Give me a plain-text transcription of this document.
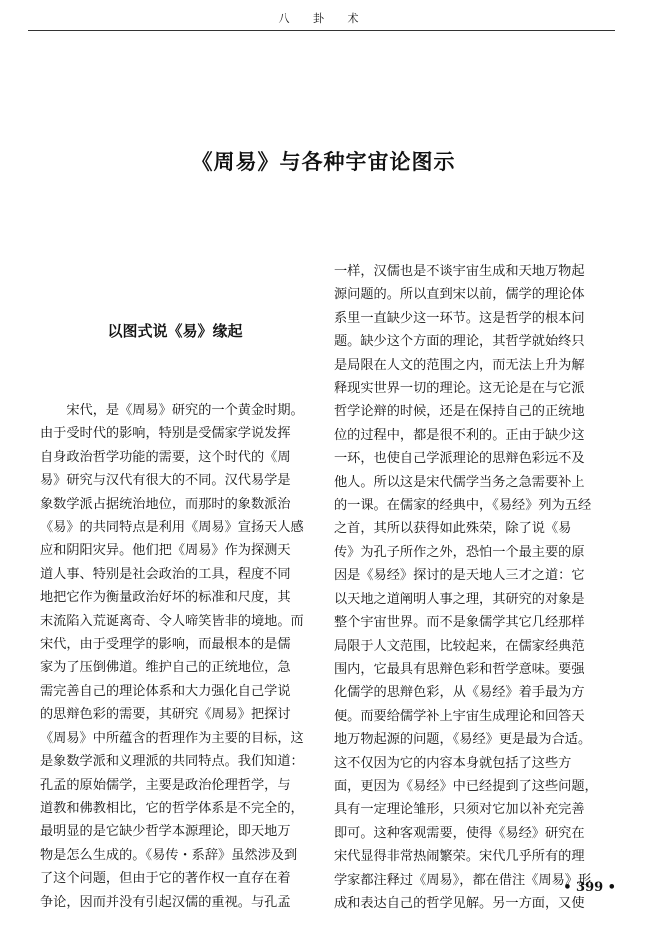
八 卦 术
《周易》与各种宇宙论图示
以图式说《易》缘起
　　宋代，是《周易》研究的一个黄金时期。
由于受时代的影响，特别是受儒家学说发挥
自身政治哲学功能的需要，这个时代的《周
易》研究与汉代有很大的不同。汉代易学是
象数学派占据统治地位，而那时的象数派治
《易》的共同特点是利用《周易》宣扬天人感
应和阴阳灾异。他们把《周易》作为探测天
道人事、特别是社会政治的工具，程度不同
地把它作为衡量政治好坏的标准和尺度，其
末流陷入荒诞离奇、令人啼笑皆非的境地。而
宋代，由于受理学的影响，而最根本的是儒
家为了压倒佛道。维护自己的正统地位，急
需完善自己的理论体系和大力强化自己学说
的思辩色彩的需要，其研究《周易》把探讨
《周易》中所蕴含的哲理作为主要的目标，这
是象数学派和义理派的共同特点。我们知道：
孔孟的原始儒学，主要是政治伦理哲学，与
道教和佛教相比，它的哲学体系是不完全的，
最明显的是它缺少哲学本源理论，即天地万
物是怎么生成的。《易传・系辞》虽然涉及到
了这个问题，但由于它的著作权一直存在着
争论，因而并没有引起汉儒的重视。与孔孟
一样，汉儒也是不谈宇宙生成和天地万物起
源问题的。所以直到宋以前，儒学的理论体
系里一直缺少这一环节。这是哲学的根本问
题。缺少这个方面的理论，其哲学就始终只
是局限在人文的范围之内，而无法上升为解
释现实世界一切的理论。这无论是在与它派
哲学论辩的时候，还是在保持自己的正统地
位的过程中，都是很不利的。正由于缺少这
一环，也使自己学派理论的思辩色彩远不及
他人。所以这是宋代儒学当务之急需要补上
的一课。在儒家的经典中，《易经》列为五经
之首，其所以获得如此殊荣，除了说《易
传》为孔子所作之外，恐怕一个最主要的原
因是《易经》探讨的是天地人三才之道：它
以天地之道阐明人事之理，其研究的对象是
整个宇宙世界。而不是象儒学其它几经那样
局限于人文范围，比较起来，在儒家经典范
围内，它最具有思辩色彩和哲学意味。要强
化儒学的思辩色彩，从《易经》着手最为方
便。而要给儒学补上宇宙生成理论和回答天
地万物起源的问题，《易经》更是最为合适。
这不仅因为它的内容本身就包括了这些方
面，更因为《易经》中已经提到了这些问题，
具有一定理论雏形，只须对它加以补充完善
即可。这种客观需要，使得《易经》研究在
宋代显得非常热闹繁荣。宋代几乎所有的理
学家都注释过《周易》，都在借注《周易》形
成和表达自己的哲学见解。另一方面，又使
• 399 •
